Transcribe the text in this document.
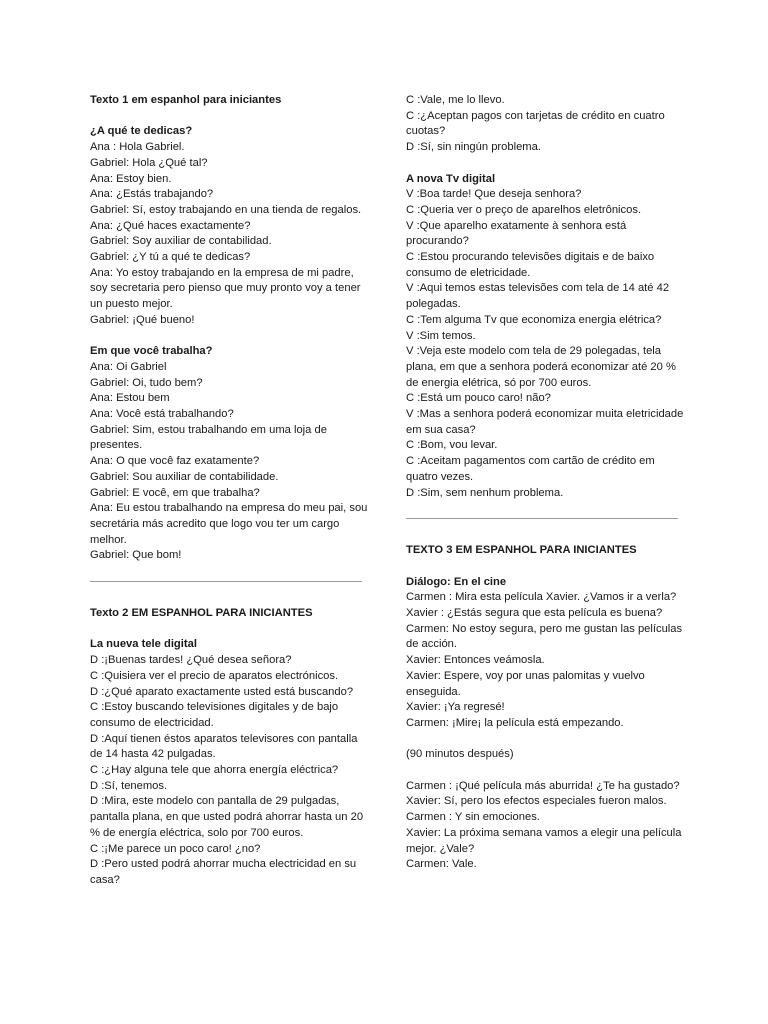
Texto 1 em espanhol para iniciantes
¿A qué te dedicas?
Ana : Hola Gabriel.
Gabriel: Hola ¿Qué tal?
Ana: Estoy bien.
Ana: ¿Estás trabajando?
Gabriel: Sí, estoy trabajando en una tienda de regalos.
Ana: ¿Qué haces exactamente?
Gabriel: Soy auxiliar de contabilidad.
Gabriel: ¿Y tú a qué te dedicas?
Ana: Yo estoy trabajando en la empresa de mi padre, soy secretaria pero pienso que muy pronto voy a tener un puesto mejor.
Gabriel: ¡Qué bueno!
Em que você trabalha?
Ana: Oi Gabriel
Gabriel: Oi, tudo bem?
Ana: Estou bem
Ana: Você está trabalhando?
Gabriel: Sim, estou trabalhando em uma loja de presentes.
Ana: O que você faz exatamente?
Gabriel: Sou auxiliar de contabilidade.
Gabriel: E você, em que trabalha?
Ana: Eu estou trabalhando na empresa do meu pai, sou secretária más acredito que logo vou ter um cargo melhor.
Gabriel: Que bom!
Texto 2 EM ESPANHOL PARA INICIANTES
La nueva tele digital
D :¡Buenas tardes! ¿Qué desea señora?
C :Quisiera ver el precio de aparatos electrónicos.
D :¿Qué aparato exactamente usted está buscando?
C :Estoy buscando televisiones digitales y de bajo consumo de electricidad.
D :Aquí tienen éstos aparatos televisores con pantalla de 14 hasta 42 pulgadas.
C :¿Hay alguna tele que ahorra energía eléctrica?
D :Sí, tenemos.
D :Mira, este modelo con pantalla de 29 pulgadas, pantalla plana, en que usted podrá ahorrar hasta un 20 % de energía eléctrica, solo por 700 euros.
C :¡Me parece un poco caro! ¿no?
D :Pero usted podrá ahorrar mucha electricidad en su casa?
C :Vale, me lo llevo.
C :¿Aceptan pagos con tarjetas de crédito en cuatro cuotas?
D :Sí, sin ningún problema.
A nova Tv digital
V :Boa tarde! Que deseja senhora?
C :Queria ver o preço de aparelhos eletrônicos.
V :Que aparelho exatamente à senhora está procurando?
C :Estou procurando televisões digitais e de baixo consumo de eletricidade.
V :Aqui temos estas televisões com tela de 14 até 42 polegadas.
C :Tem alguma Tv que economiza energia elétrica?
V :Sim temos.
V :Veja este modelo com tela de 29 polegadas, tela plana, em que a senhora poderá economizar até 20 % de energia elétrica, só por 700 euros.
C :Está um pouco caro! não?
V :Mas a senhora poderá economizar muita eletricidade em sua casa?
C :Bom, vou levar.
C :Aceitam pagamentos com cartão de crédito em quatro vezes.
D :Sim, sem nenhum problema.
TEXTO 3 EM ESPANHOL PARA INICIANTES
Diálogo: En el cine
Carmen : Mira esta película Xavier. ¿Vamos ir a verla?
Xavier : ¿Estás segura que esta película es buena?
Carmen: No estoy segura, pero me gustan las películas de acción.
Xavier: Entonces veámosla.
Xavier: Espere, voy por unas palomitas y vuelvo enseguida.
Xavier: ¡Ya regresé!
Carmen: ¡Mire¡ la película está empezando.
(90 minutos después)
Carmen : ¡Qué película más aburrida! ¿Te ha gustado?
Xavier: Sí, pero los efectos especiales fueron malos.
Carmen : Y sin emociones.
Xavier: La próxima semana vamos a elegir una película mejor. ¿Vale?
Carmen: Vale.
